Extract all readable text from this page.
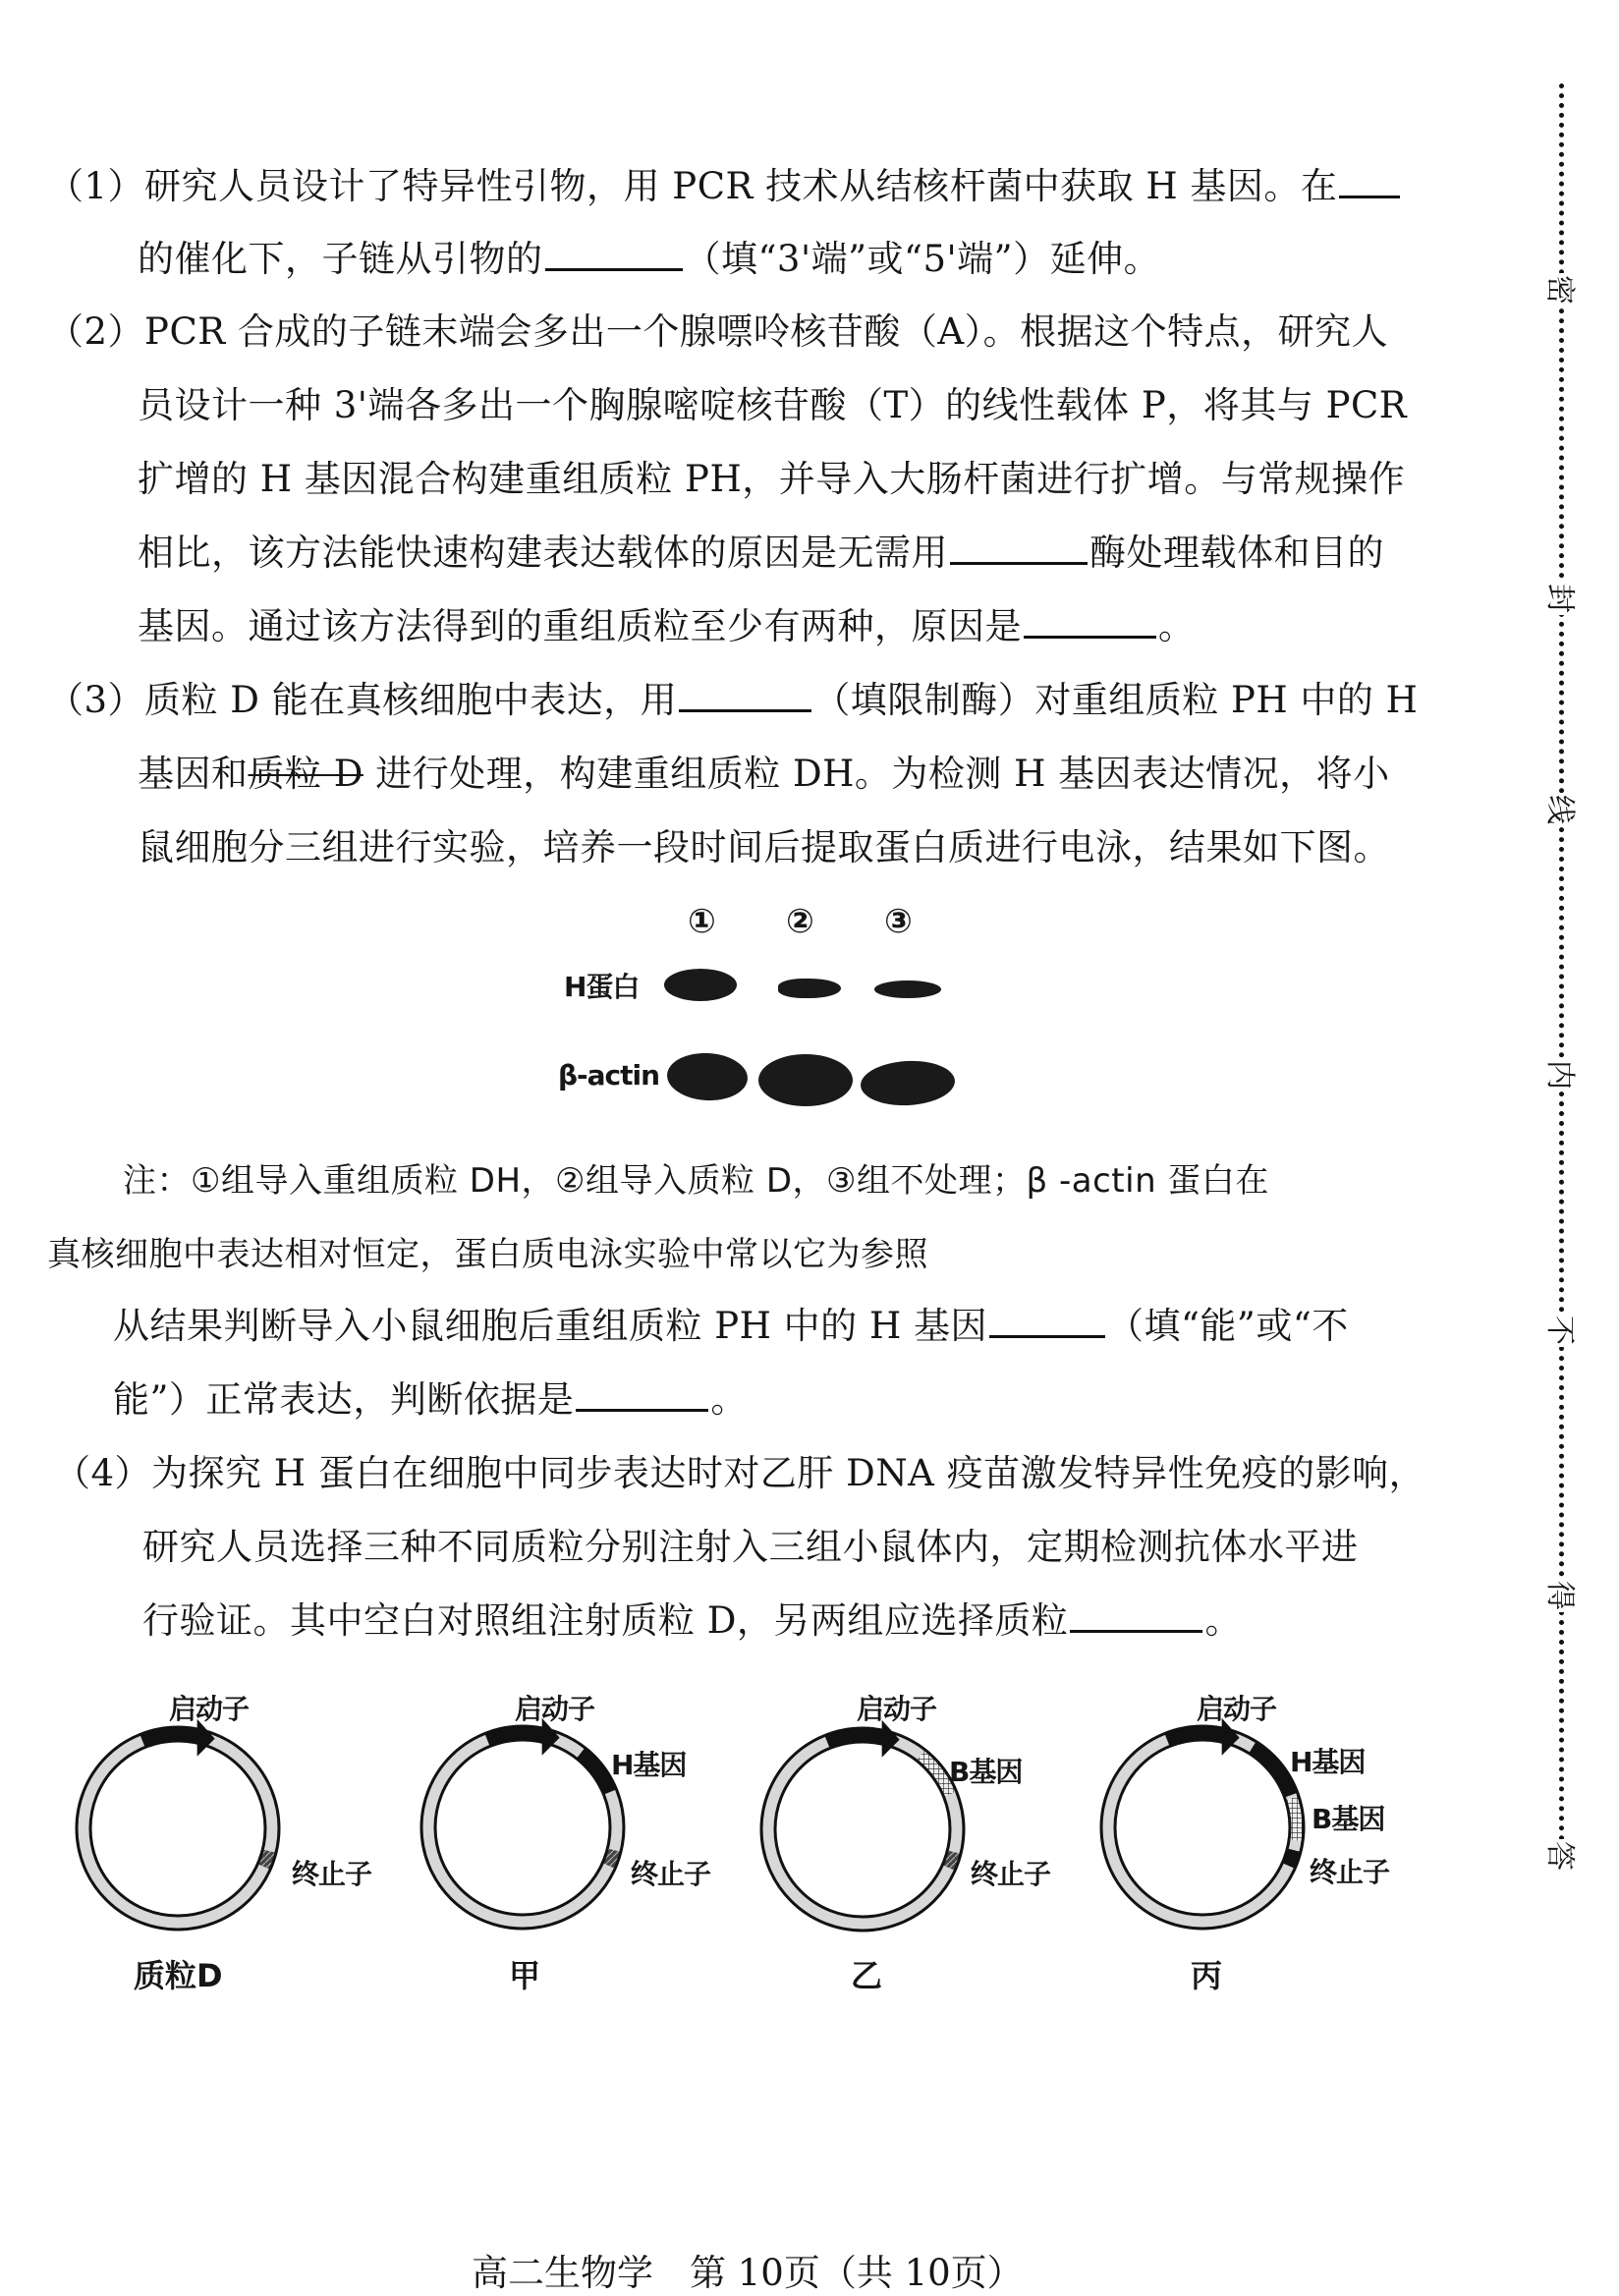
（1）研究人员设计了特异性引物，用 PCR 技术从结核杆菌中获取 H 基因。在
的催化下，子链从引物的	（填“3'端”或“5'端”）延伸。
（2）PCR 合成的子链末端会多出一个腺嘌呤核苷酸（A）。根据这个特点，研究人
员设计一种 3'端各多出一个胸腺嘧啶核苷酸（T）的线性载体 P，将其与 PCR
扩增的 H 基因混合构建重组质粒 PH，并导入大肠杆菌进行扩增。与常规操作
相比，该方法能快速构建表达载体的原因是无需用	酶处理载体和目的
基因。通过该方法得到的重组质粒至少有两种，原因是	。
（3）质粒 D 能在真核细胞中表达，用	（填限制酶）对重组质粒 PH 中的 H
基因和质粒 D 进行处理，构建重组质粒 DH。为检测 H 基因表达情况，将小
鼠细胞分三组进行实验，培养一段时间后提取蛋白质进行电泳，结果如下图。
① ② ③
H蛋白
β-actin
注：①组导入重组质粒 DH，②组导入质粒 D，③组不处理；β -actin 蛋白在
真核细胞中表达相对恒定，蛋白质电泳实验中常以它为参照
从结果判断导入小鼠细胞后重组质粒 PH 中的 H 基因	（填“能”或“不
能”）正常表达，判断依据是	。
（4）为探究 H 蛋白在细胞中同步表达时对乙肝 DNA 疫苗激发特异性免疫的影响，
研究人员选择三种不同质粒分别注射入三组小鼠体内，定期检测抗体水平进
行验证。其中空白对照组注射质粒 D，另两组应选择质粒	。
启动子
终止子
质粒D
启动子
H基因
终止子
甲
启动子
B基因
终止子
乙
启动子
H基因
B基因
终止子
丙
密
封
线
内
不
得
答
高二生物学　第 10页（共 10页）
